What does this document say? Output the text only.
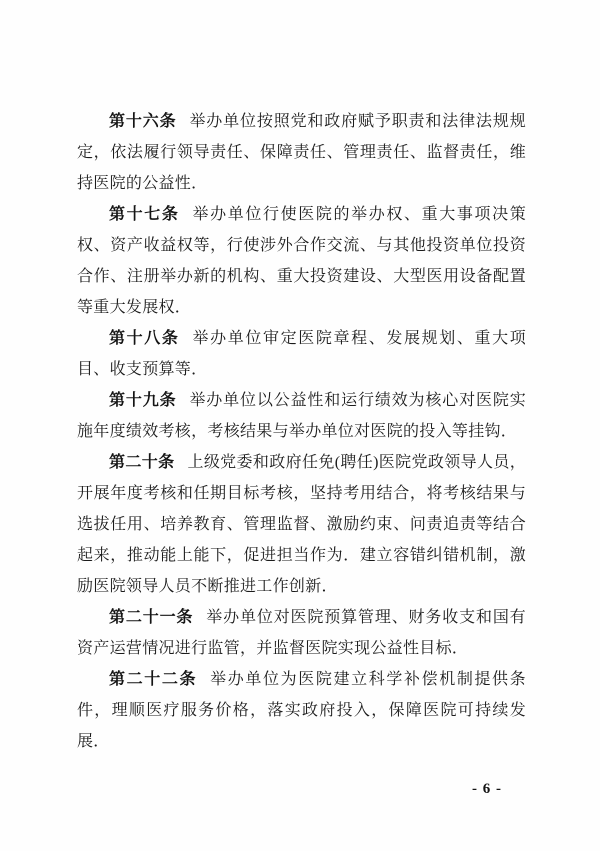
第十六条 举办单位按照党和政府赋予职责和法律法规规定，依法履行领导责任、保障责任、管理责任、监督责任，维持医院的公益性．

第十七条 举办单位行使医院的举办权、重大事项决策权、资产收益权等，行使涉外合作交流、与其他投资单位投资合作、注册举办新的机构、重大投资建设、大型医用设备配置等重大发展权．

第十八条 举办单位审定医院章程、发展规划、重大项目、收支预算等．

第十九条 举办单位以公益性和运行绩效为核心对医院实施年度绩效考核，考核结果与举办单位对医院的投入等挂钩．

第二十条 上级党委和政府任免(聘任)医院党政领导人员，开展年度考核和任期目标考核，坚持考用结合，将考核结果与选拔任用、培养教育、管理监督、激励约束、问责追责等结合起来，推动能上能下，促进担当作为．建立容错纠错机制，激励医院领导人员不断推进工作创新．

第二十一条 举办单位对医院预算管理、财务收支和国有资产运营情况进行监管，并监督医院实现公益性目标．

第二十二条 举办单位为医院建立科学补偿机制提供条件，理顺医疗服务价格，落实政府投入，保障医院可持续发展．

- 6 -
